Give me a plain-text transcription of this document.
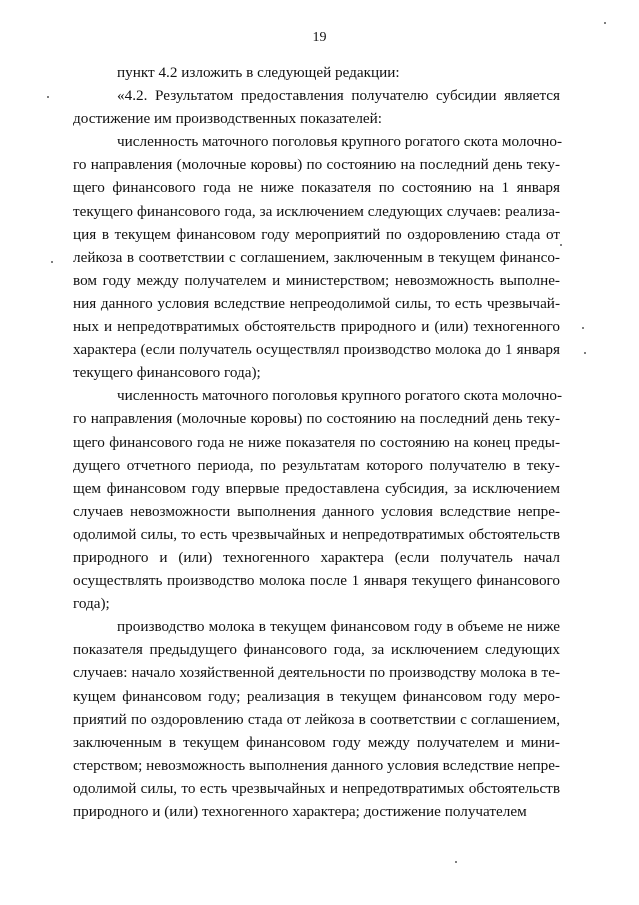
19
пункт 4.2 изложить в следующей редакции:
«4.2. Результатом предоставления получателю субсидии является
достижение им производственных показателей:
численность маточного поголовья крупного рогатого скота молочно-
го направления (молочные коровы) по состоянию на последний день теку-
щего финансового года не ниже показателя по состоянию на 1 января
текущего финансового года, за исключением следующих случаев: реализа-
ция в текущем финансовом году мероприятий по оздоровлению стада от
лейкоза в соответствии с соглашением, заключенным в текущем финансо-
вом году между получателем и министерством; невозможность выполне-
ния данного условия вследствие непреодолимой силы, то есть чрезвычай-
ных и непредотвратимых обстоятельств природного и (или) техногенного
характера (если получатель осуществлял производство молока до 1 января
текущего финансового года);
численность маточного поголовья крупного рогатого скота молочно-
го направления (молочные коровы) по состоянию на последний день теку-
щего финансового года не ниже показателя по состоянию на конец преды-
дущего отчетного периода, по результатам которого получателю в теку-
щем финансовом году впервые предоставлена субсидия, за исключением
случаев невозможности выполнения данного условия вследствие непре-
одолимой силы, то есть чрезвычайных и непредотвратимых обстоятельств
природного и (или) техногенного характера (если получатель начал
осуществлять производство молока после 1 января текущего финансового
года);
производство молока в текущем финансовом году в объеме не ниже
показателя предыдущего финансового года, за исключением следующих
случаев: начало хозяйственной деятельности по производству молока в те-
кущем финансовом году; реализация в текущем финансовом году меро-
приятий по оздоровлению стада от лейкоза в соответствии с соглашением,
заключенным в текущем финансовом году между получателем и мини-
стерством; невозможность выполнения данного условия вследствие непре-
одолимой силы, то есть чрезвычайных и непредотвратимых обстоятельств
природного и (или) техногенного характера; достижение получателем
